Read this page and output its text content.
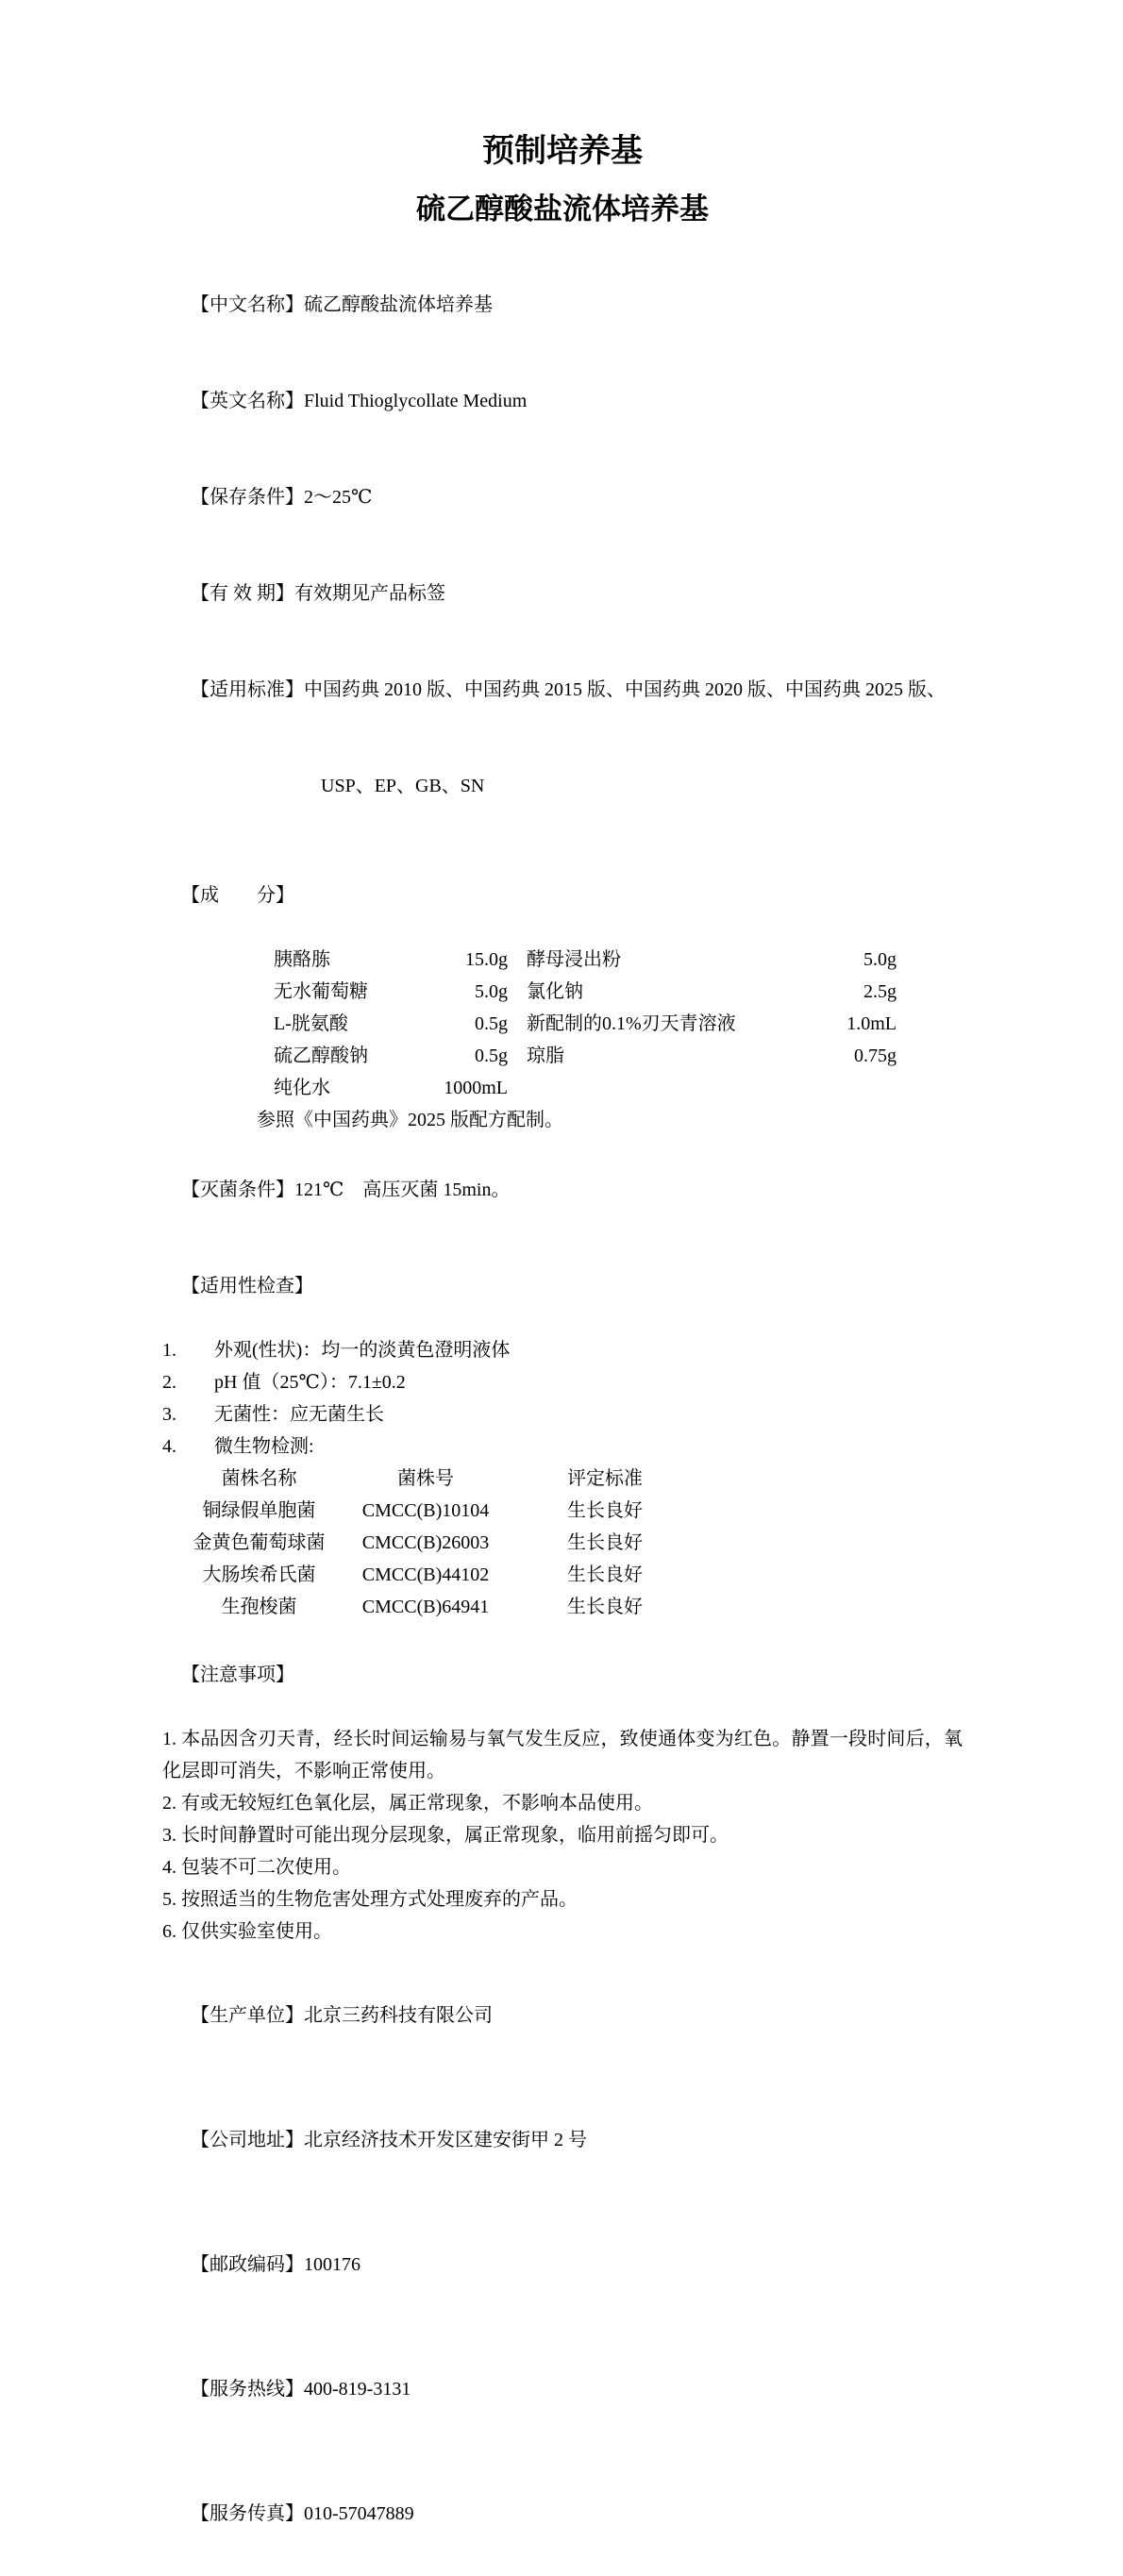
预制培养基
硫乙醇酸盐流体培养基

【中文名称】硫乙醇酸盐流体培养基

【英文名称】Fluid Thioglycollate Medium

【保存条件】2～25℃

【有 效 期】有效期见产品标签

【适用标准】中国药典 2010 版、中国药典 2015 版、中国药典 2020 版、中国药典 2025 版、

USP、EP、GB、SN

【成　　分】

胰酪胨	15.0g 酵母浸出粉	5.0g
无水葡萄糖	5.0g 氯化钠	2.5g
L-胱氨酸	0.5g 新配制的0.1%刃天青溶液	1.0mL
硫乙醇酸钠	0.5g 琼脂	0.75g
纯化水	1000mL
参照《中国药典》2025 版配方配制。

【灭菌条件】121℃　高压灭菌 15min。

【适用性检查】

1. 外观(性状)：均一的淡黄色澄明液体
2. pH 值（25℃）：7.1±0.2
3. 无菌性：应无菌生长
4. 微生物检测:
菌株名称	菌株号	评定标准
铜绿假单胞菌	CMCC(B)10104	生长良好
金黄色葡萄球菌	CMCC(B)26003	生长良好
大肠埃希氏菌	CMCC(B)44102	生长良好
生孢梭菌	CMCC(B)64941	生长良好

【注意事项】

1. 本品因含刃天青，经长时间运输易与氧气发生反应，致使通体变为红色。静置一段时间后，氧化层即可消失，不影响正常使用。
2. 有或无较短红色氧化层，属正常现象，不影响本品使用。
3. 长时间静置时可能出现分层现象，属正常现象，临用前摇匀即可。
4. 包装不可二次使用。
5. 按照适当的生物危害处理方式处理废弃的产品。
6. 仅供实验室使用。

【生产单位】北京三药科技有限公司

【公司地址】北京经济技术开发区建安街甲 2 号

【邮政编码】100176

【服务热线】400-819-3131

【服务传真】010-57047889
